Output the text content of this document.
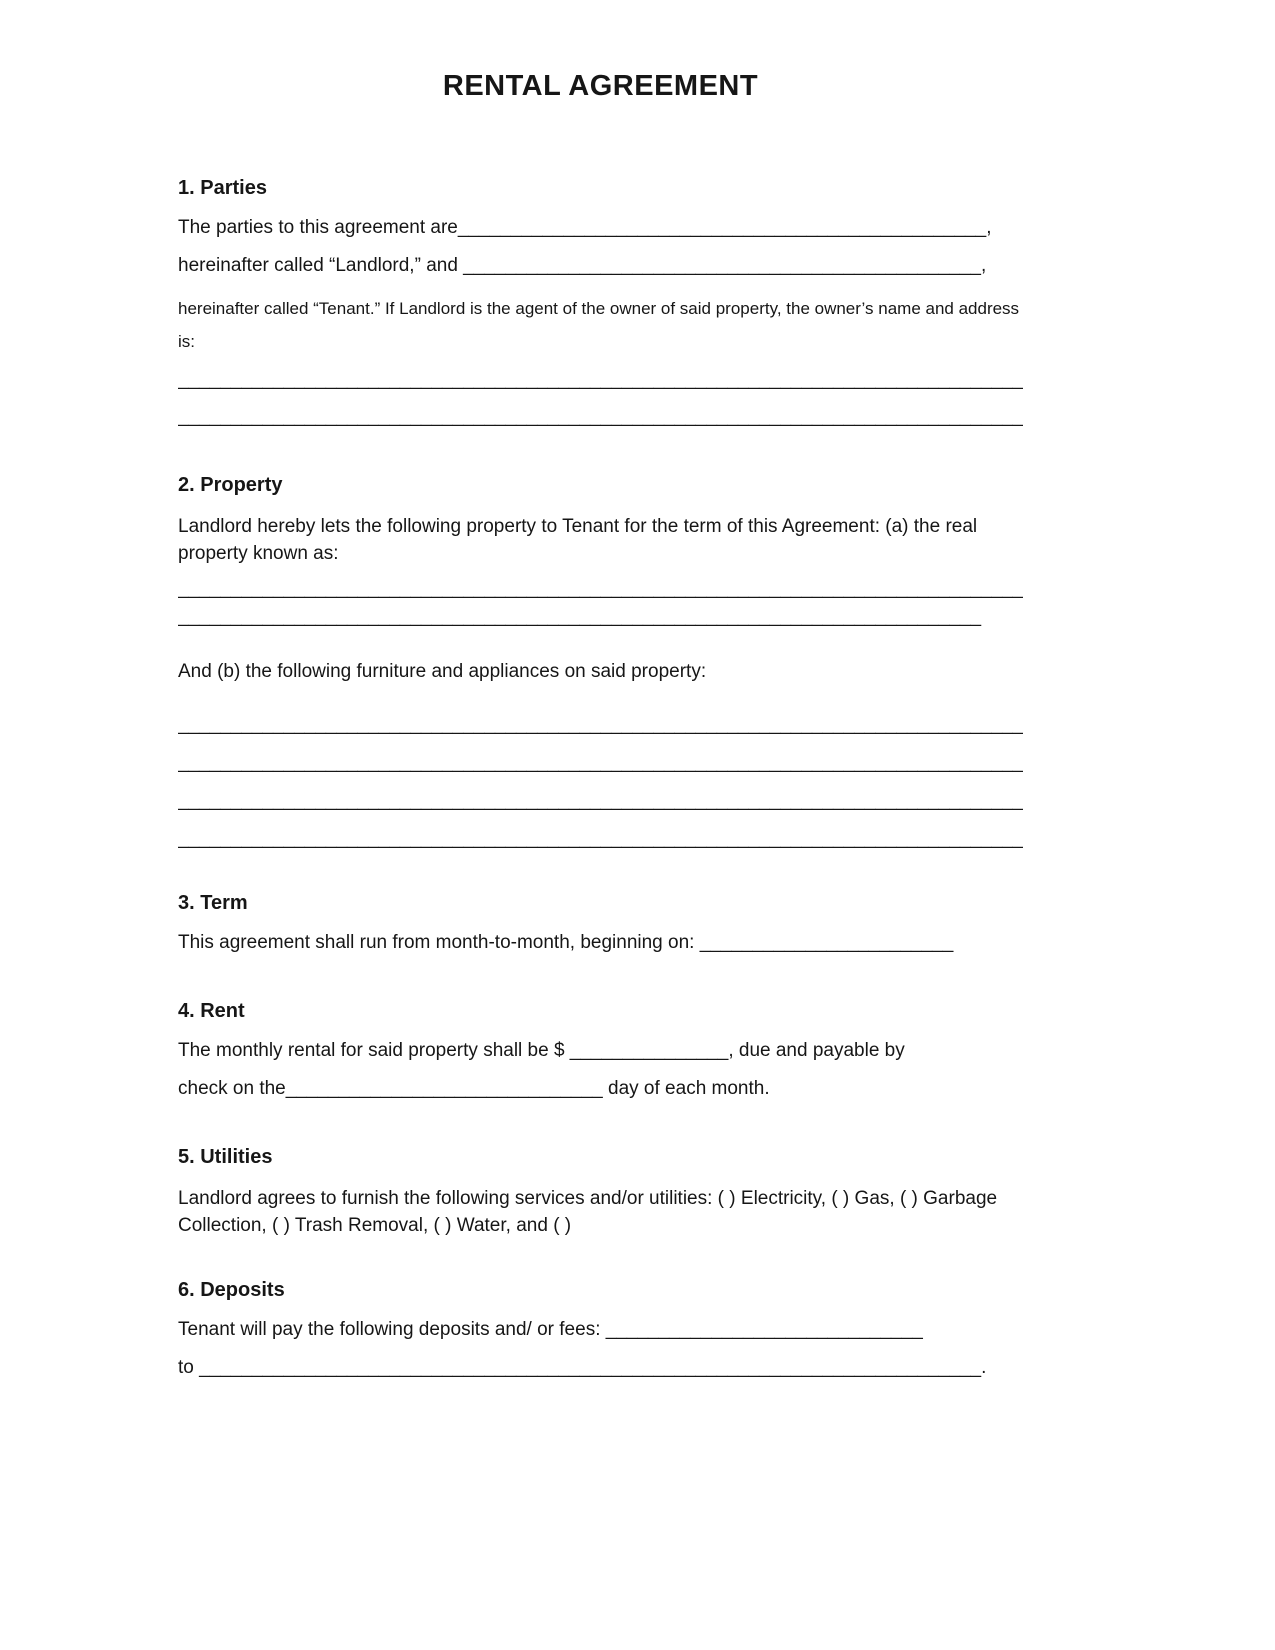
RENTAL AGREEMENT
1. Parties

The parties to this agreement are__________________________________________________,

hereinafter called “Landlord,” and _________________________________________________,

hereinafter called “Tenant.” If Landlord is the agent of the owner of said property, the owner’s name and address is:

________________________________________________________________________________

________________________________________________________________________________

2. Property

Landlord hereby lets the following property to Tenant for the term of this Agreement: (a) the real property known as:

________________________________________________________________________________

____________________________________________________________________________

And (b) the following furniture and appliances on said property:

________________________________________________________________________________

________________________________________________________________________________

________________________________________________________________________________

________________________________________________________________________________

3. Term

This agreement shall run from month-to-month, beginning on: ________________________

4. Rent

The monthly rental for said property shall be $ _______________, due and payable by

check on the______________________________ day of each month.

5. Utilities

Landlord agrees to furnish the following services and/or utilities: ( ) Electricity, ( ) Gas, ( ) Garbage Collection, ( ) Trash Removal, ( ) Water, and ( )

6. Deposits

Tenant will pay the following deposits and/ or fees: ______________________________

to __________________________________________________________________________.
